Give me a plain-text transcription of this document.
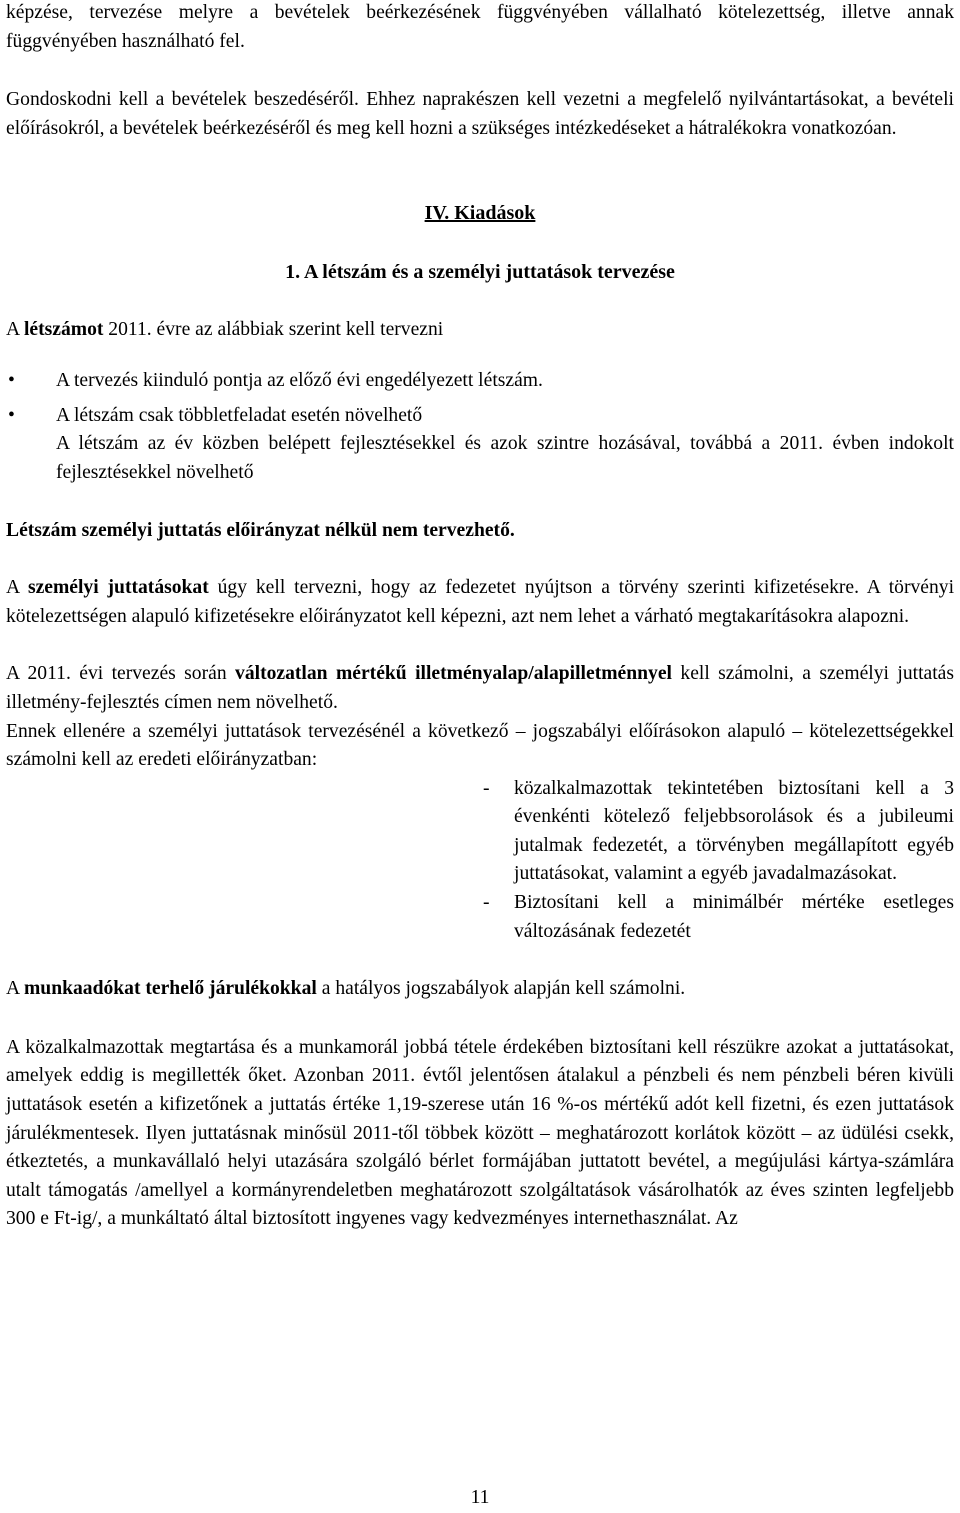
képzése, tervezése melyre a bevételek beérkezésének függvényében vállalható kötelezettség, illetve annak függvényében használható fel.

Gondoskodni kell a bevételek beszedéséről. Ehhez naprakészen kell vezetni a megfelelő nyilvántartásokat, a bevételi előírásokról, a bevételek beérkezéséről és meg kell hozni a szükséges intézkedéseket a hátralékokra vonatkozóan.

IV. Kiadások

1. A létszám és a személyi juttatások tervezése

A létszámot 2011. évre az alábbiak szerint kell tervezni

• A tervezés kiinduló pontja az előző évi engedélyezett létszám.
• A létszám csak többletfeladat esetén növelhető
A létszám az év közben belépett fejlesztésekkel és azok szintre hozásával, továbbá a 2011. évben indokolt fejlesztésekkel növelhető

Létszám személyi juttatás előirányzat nélkül nem tervezhető.

A személyi juttatásokat úgy kell tervezni, hogy az fedezetet nyújtson a törvény szerinti kifizetésekre. A törvényi kötelezettségen alapuló kifizetésekre előirányzatot kell képezni, azt nem lehet a várható megtakarításokra alapozni.

A 2011. évi tervezés során változatlan mértékű illetményalap/alapilletménnyel kell számolni, a személyi juttatás illetmény-fejlesztés címen nem növelhető.

Ennek ellenére a személyi juttatások tervezésénél a következő – jogszabályi előírásokon alapuló – kötelezettségekkel számolni kell az eredeti előirányzatban:

- közalkalmazottak tekintetében biztosítani kell a 3 évenkénti kötelező feljebbsorolások és a jubileumi jutalmak fedezetét, a törvényben megállapított egyéb juttatásokat, valamint a egyéb javadalmazásokat.
- Biztosítani kell a minimálbér mértéke esetleges változásának fedezetét

A munkaadókat terhelő járulékokkal a hatályos jogszabályok alapján kell számolni.

A közalkalmazottak megtartása és a munkamorál jobbá tétele érdekében biztosítani kell részükre azokat a juttatásokat, amelyek eddig is megillették őket. Azonban 2011. évtől jelentősen átalakul a pénzbeli és nem pénzbeli béren kivüli juttatások esetén a kifizetőnek a juttatás értéke 1,19-szerese után 16 %-os mértékű adót kell fizetni, és ezen juttatások járulékmentesek. Ilyen juttatásnak minősül 2011-től többek között – meghatározott korlátok között – az üdülési csekk, étkeztetés, a munkavállaló helyi utazására szolgáló bérlet formájában juttatott bevétel, a megújulási kártya-számlára utalt támogatás /amellyel a kormányrendeletben meghatározott szolgáltatások vásárolhatók az éves szinten legfeljebb 300 e Ft-ig/, a munkáltató által biztosított ingyenes vagy kedvezményes internethasználat. Az

11
